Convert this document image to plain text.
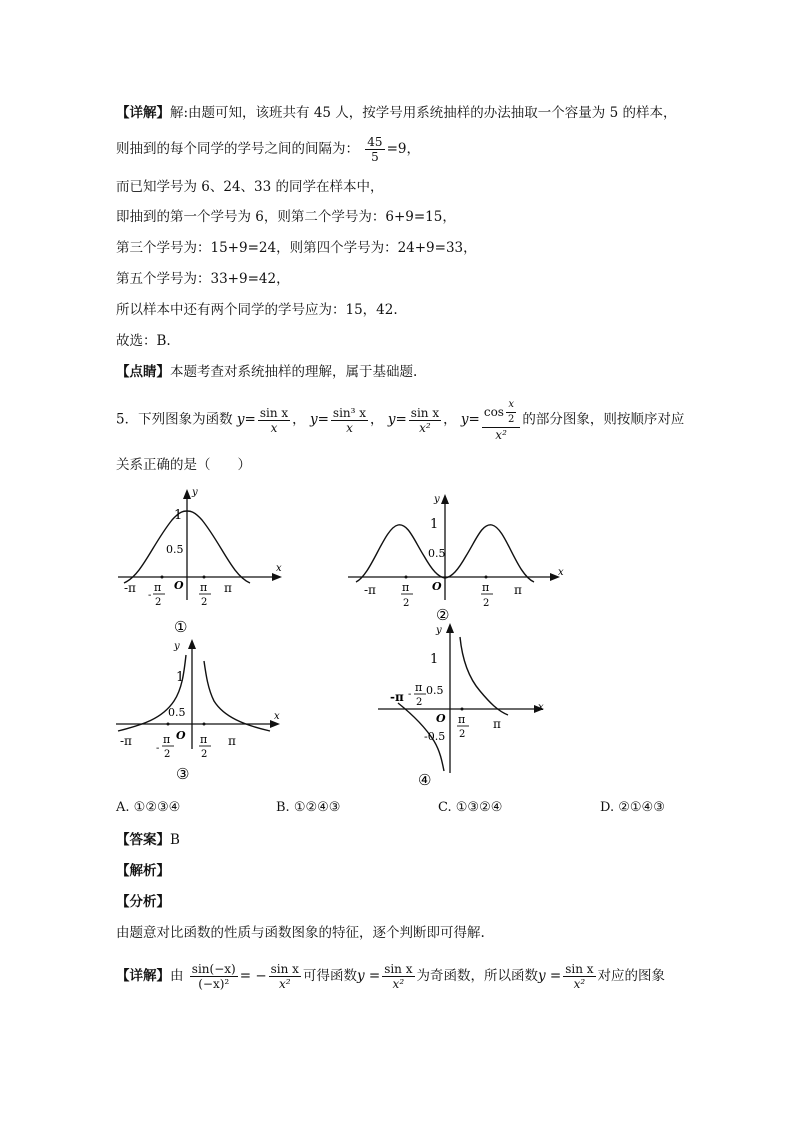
【详解】解:由题可知，该班共有 45 人，按学号用系统抽样的办法抽取一个容量为 5 的样本，
则抽到的每个同学的学号之间的间隔为： $\frac{45}{5} =9$，
而已知学号为 6、24、33 的同学在样本中，
即抽到的第一个学号为 6，则第二个学号为：6+9=15，
第三个学号为：15+9=24，则第四个学号为：24+9=33，
第五个学号为：33+9=42，
所以样本中还有两个同学的学号应为：15，42.
故选：B.
【点睛】本题考查对系统抽样的理解，属于基础题.
5．下列图象为函数 $y= \frac{\text{sin x}}{x}$ ， $y= \frac{\text{sin³ x}}{x}$ ， $y= \frac{\text{sin x}}{\text{x²}}$ ， $y= \frac{\cos \frac{x}{2}}{\text{x²}}$ 的部分图象，则按顺序对应
关系正确的是（　　）
y
x
1
0.5
O
-π
-
π
2
π
2
π
①
y
x
1
0.5
O
-π π
2
π
2
π
②
y
x
1
0.5
O
-π
-
π
2
π
2
π
③
y
x
1
0.5
-0.5
O
-π -
π
2
π
2
π
④
A. ①②③④	B. ①②④③	C. ①③②④	D. ②①④③
【答案】B
【解析】
【分析】
由题意对比函数的性质与函数图象的特征，逐个判断即可得解.
【详解】由 $\frac{\sin(-x)}{\text{(−x)²}}$ = − $\frac{\text{sin x}}{\text{x²}}$ 可得函数$y = \frac{\text{sin x}}{\text{x²}}$ 为奇函数，所以函数$y = \frac{\text{sin x}}{\text{x²}}$ 对应的图象
